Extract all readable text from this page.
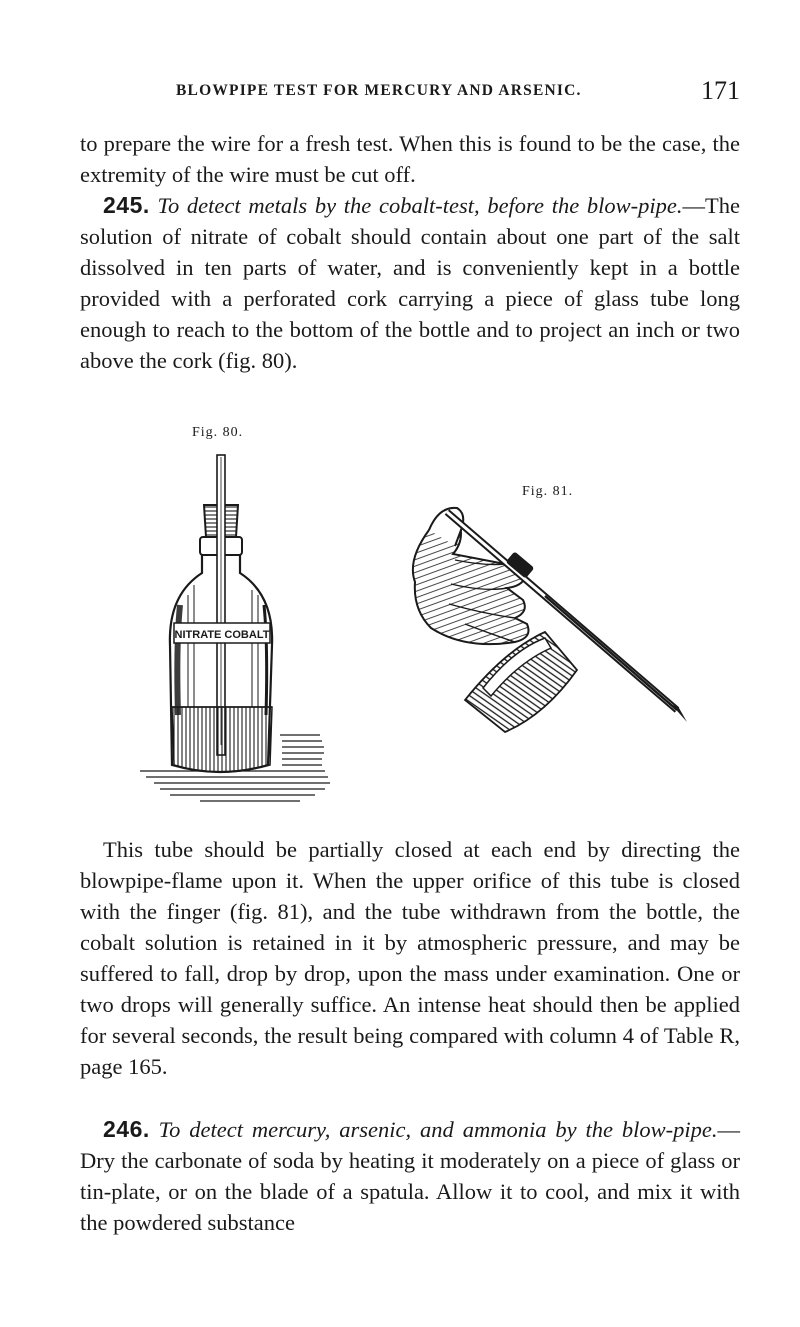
BLOWPIPE TEST FOR MERCURY AND ARSENIC.	171

to prepare the wire for a fresh test. When this is found to be the case, the extremity of the wire must be cut off.

245. To detect metals by the cobalt-test, before the blow-pipe.—The solution of nitrate of cobalt should contain about one part of the salt dissolved in ten parts of water, and is conveniently kept in a bottle provided with a perforated cork carrying a piece of glass tube long enough to reach to the bottom of the bottle and to project an inch or two above the cork (fig. 80).

Fig. 80.
NITRATE COBALT
Fig. 81.

This tube should be partially closed at each end by directing the blowpipe-flame upon it. When the upper orifice of this tube is closed with the finger (fig. 81), and the tube withdrawn from the bottle, the cobalt solution is retained in it by atmospheric pressure, and may be suffered to fall, drop by drop, upon the mass under examination. One or two drops will generally suffice. An intense heat should then be applied for several seconds, the result being compared with column 4 of Table R, page 165.

246. To detect mercury, arsenic, and ammonia by the blow-pipe.—Dry the carbonate of soda by heating it moderately on a piece of glass or tin-plate, or on the blade of a spatula. Allow it to cool, and mix it with the powdered substance
